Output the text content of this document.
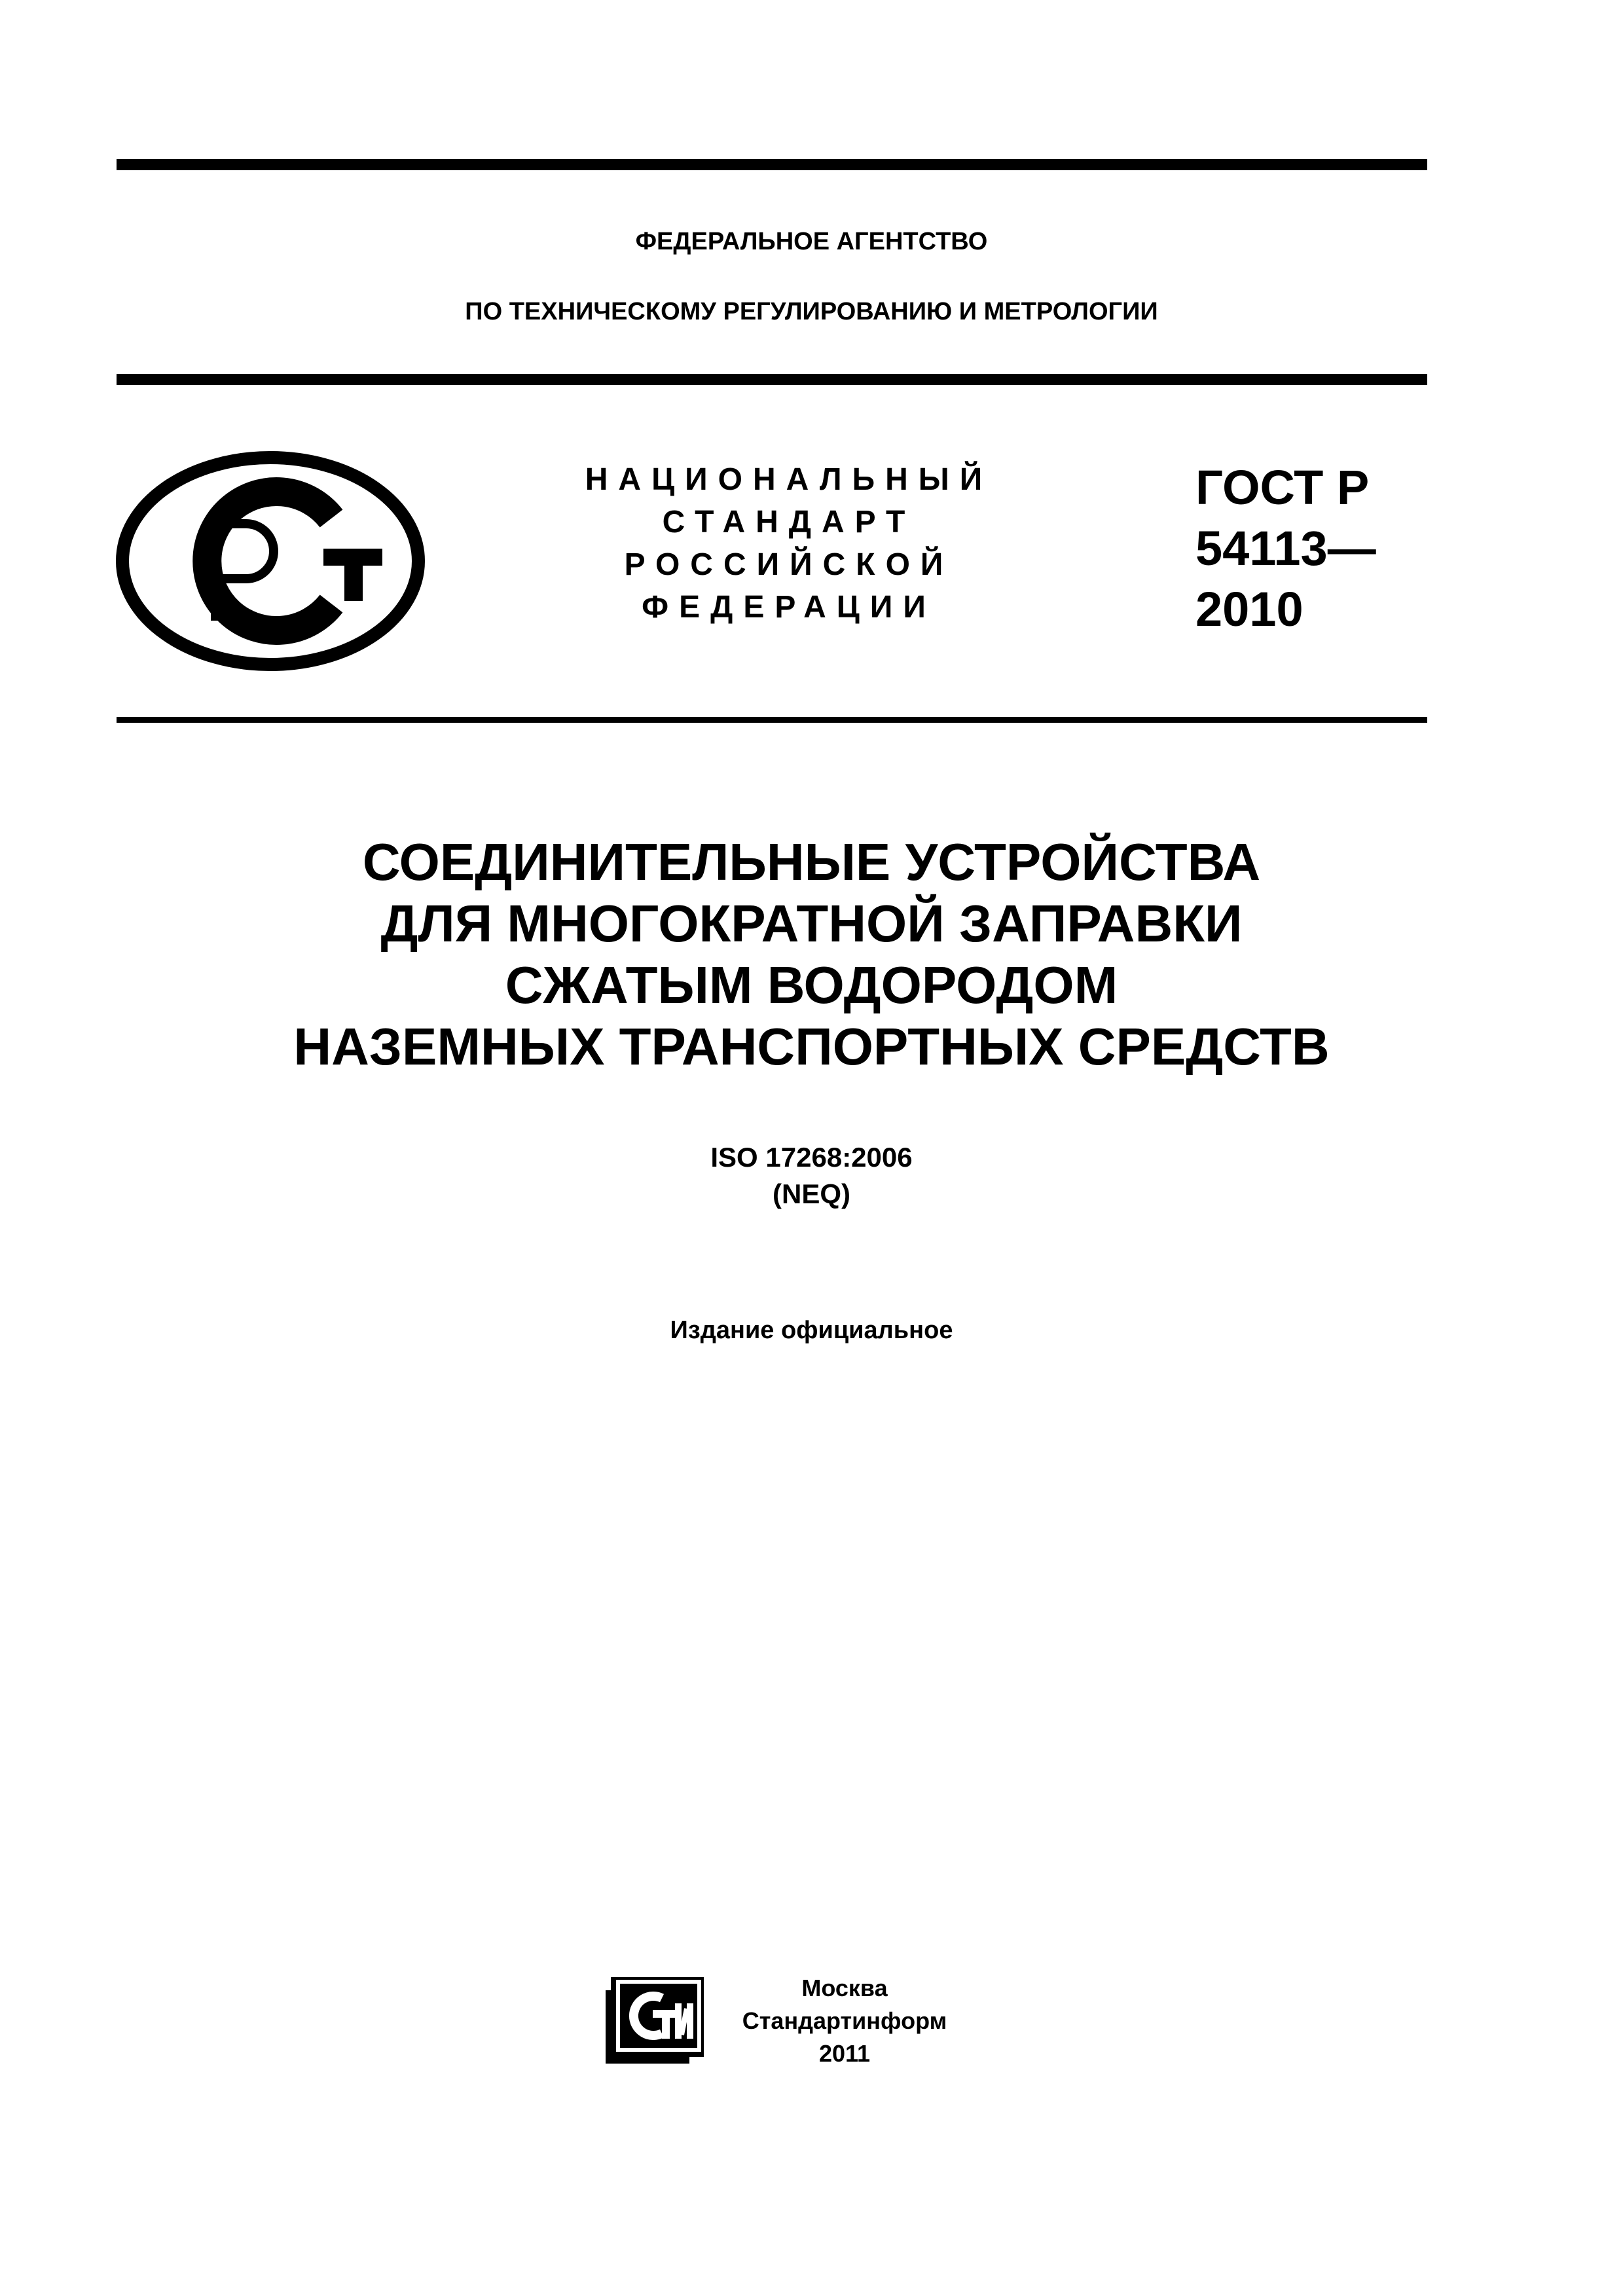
ФЕДЕРАЛЬНОЕ АГЕНТСТВО
ПО ТЕХНИЧЕСКОМУ РЕГУЛИРОВАНИЮ И МЕТРОЛОГИИ
НАЦИОНАЛЬНЫЙ
СТАНДАРТ
РОССИЙСКОЙ
ФЕДЕРАЦИИ
ГОСТ Р
54113—
2010
СОЕДИНИТЕЛЬНЫЕ УСТРОЙСТВА
ДЛЯ МНОГОКРАТНОЙ ЗАПРАВКИ
СЖАТЫМ ВОДОРОДОМ
НАЗЕМНЫХ ТРАНСПОРТНЫХ СРЕДСТВ
ISO 17268:2006
(NEQ)
Издание официальное
Москва
Стандартинформ
2011
